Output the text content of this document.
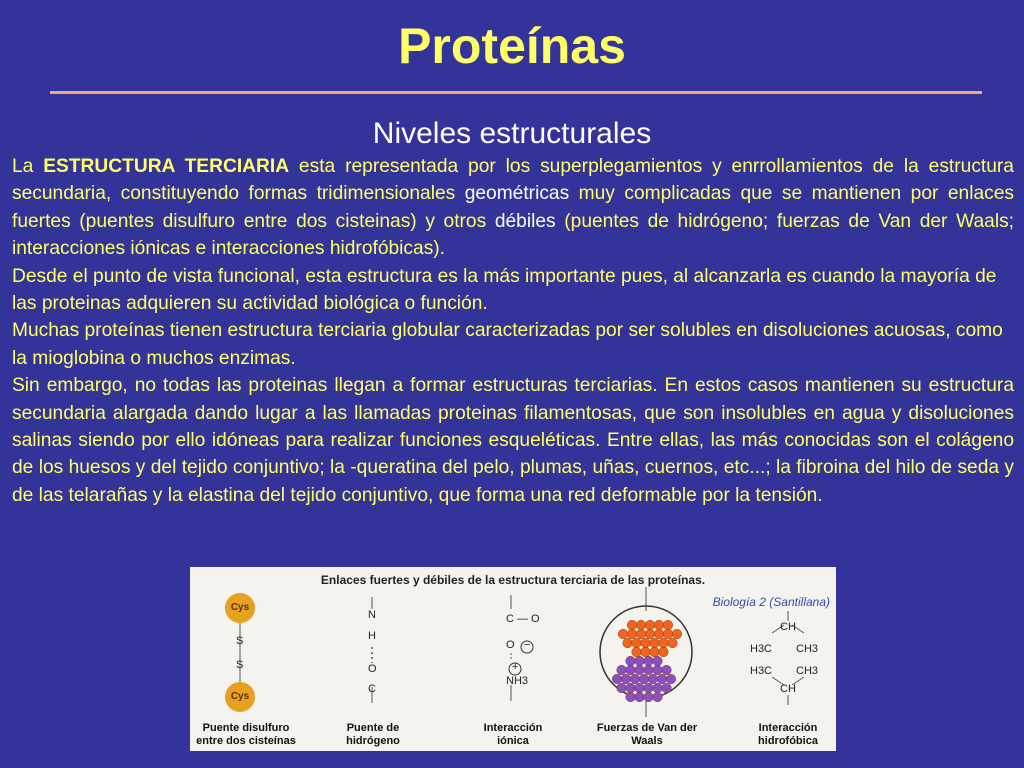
Proteínas
Niveles estructurales

La ESTRUCTURA TERCIARIA esta representada por los superplegamientos y enrrollamientos de la estructura secundaria, constituyendo formas tridimensionales geométricas muy complicadas que se mantienen por enlaces fuertes (puentes disulfuro entre dos cisteinas) y otros débiles (puentes de hidrógeno; fuerzas de Van der Waals; interacciones iónicas e interacciones hidrofóbicas).

Desde el punto de vista funcional, esta estructura es la más importante pues, al alcanzarla es cuando la mayoría de las proteinas adquieren su actividad biológica o función.

Muchas proteínas tienen estructura terciaria globular caracterizadas por ser solubles en disoluciones acuosas, como la mioglobina o muchos enzimas.

Sin embargo, no todas las proteinas llegan a formar estructuras terciarias. En estos casos mantienen su estructura secundaria alargada dando lugar a las llamadas proteinas filamentosas, que son insolubles en agua y disoluciones salinas siendo por ello idóneas para realizar funciones esqueléticas. Entre ellas, las más conocidas son el colágeno de los huesos y del tejido conjuntivo; la -queratina del pelo, plumas, uñas, cuernos, etc...; la fibroina del hilo de seda y de las telarañas y la elastina del tejido conjuntivo, que forma una red deformable por la tensión.

Enlaces fuertes y débiles de la estructura terciaria de las proteínas.
Biología 2 (Santillana)
Cys
S
S
Cys
Puente disulfuro entre dos cisteínas
N
H
O
C
Puente de hidrógeno
C — O
O −
+
NH3
Interacción iónica
Fuerzas de Van der Waals
CH
H3C CH3
H3C CH3
CH
Interacción hidrofóbica
